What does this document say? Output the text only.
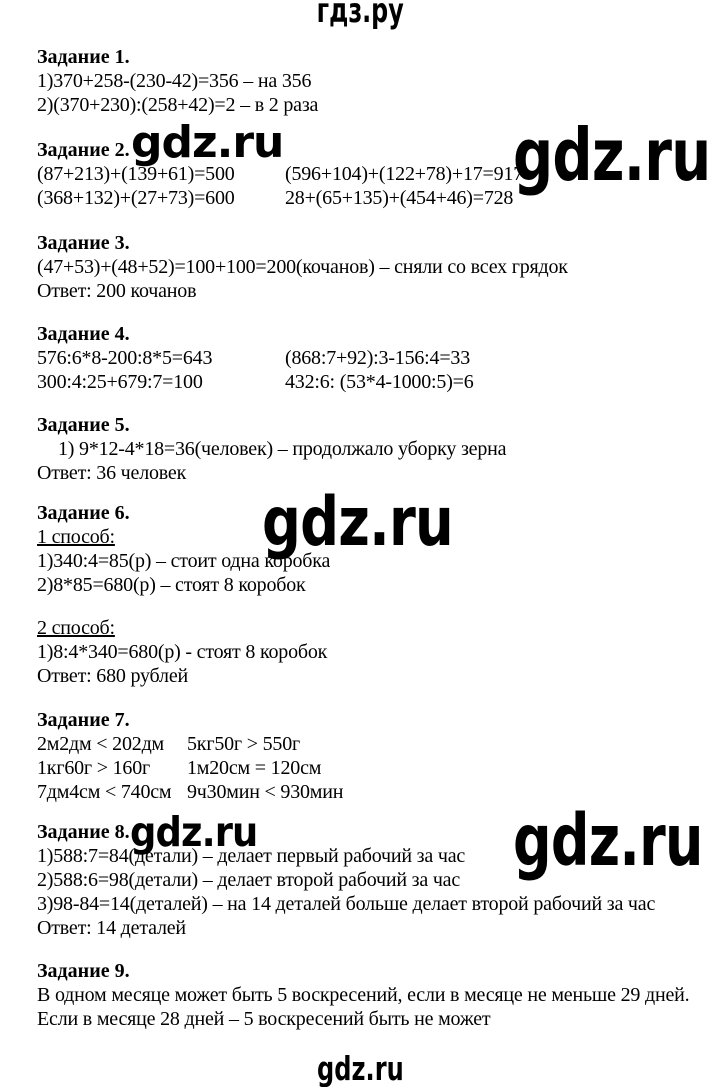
гдз.ру
Задание 1.
1)370+258-(230-42)=356 – на 356
2)(370+230):(258+42)=2 – в 2 раза
Задание 2.
(87+213)+(139+61)=500	(596+104)+(122+78)+17=917
(368+132)+(27+73)=600	28+(65+135)+(454+46)=728
Задание 3.
(47+53)+(48+52)=100+100=200(кочанов) – сняли со всех грядок
Ответ: 200 кочанов
Задание 4.
576:6*8-200:8*5=643	(868:7+92):3-156:4=33
300:4:25+679:7=100	432:6: (53*4-1000:5)=6
Задание 5.
1) 9*12-4*18=36(человек) – продолжало уборку зерна
Ответ: 36 человек
Задание 6.
1 способ:
1)340:4=85(р) – стоит одна коробка
2)8*85=680(р) – стоят 8 коробок
2 способ:
1)8:4*340=680(р) - стоят 8 коробок
Ответ: 680 рублей
Задание 7.
2м2дм < 202дм	5кг50г > 550г
1кг60г > 160г	1м20см = 120см
7дм4см < 740см 9ч30мин < 930мин
Задание 8.
1)588:7=84(детали) – делает первый рабочий за час
2)588:6=98(детали) – делает второй рабочий за час
3)98-84=14(деталей) – на 14 деталей больше делает второй рабочий за час
Ответ: 14 деталей
Задание 9.
В одном месяце может быть 5 воскресений, если в месяце не меньше 29 дней.
Если в месяце 28 дней – 5 воскресений быть не может
gdz.ru	gdz.ru
gdz.ru
gdz.ru	gdz.ru
gdz.ru
